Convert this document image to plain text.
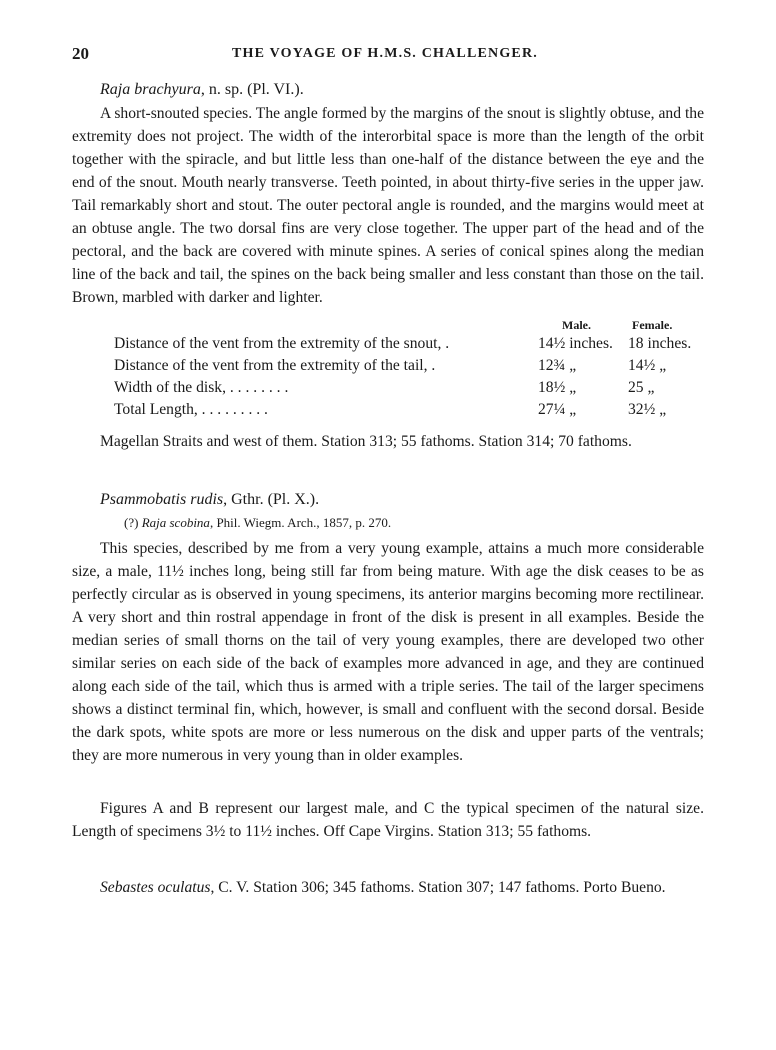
20	THE VOYAGE OF H.M.S. CHALLENGER.
Raja brachyura, n. sp. (Pl. VI.).
A short-snouted species. The angle formed by the margins of the snout is slightly obtuse, and the extremity does not project. The width of the interorbital space is more than the length of the orbit together with the spiracle, and but little less than one-half of the distance between the eye and the end of the snout. Mouth nearly transverse. Teeth pointed, in about thirty-five series in the upper jaw. Tail remarkably short and stout. The outer pectoral angle is rounded, and the margins would meet at an obtuse angle. The two dorsal fins are very close together. The upper part of the head and of the pectoral, and the back are covered with minute spines. A series of conical spines along the median line of the back and tail, the spines on the back being smaller and less constant than those on the tail. Brown, marbled with darker and lighter.
Male.	Female.
Distance of the vent from the extremity of the snout, .	14½ inches. 18 inches.
Distance of the vent from the extremity of the tail, .	12¾ „	14½ „
Width of the disk, . . . . . . . .	18½ „	25 „
Total Length, . . . . . . . . .	27¼ „	32½ „
Magellan Straits and west of them. Station 313; 55 fathoms. Station 314; 70 fathoms.
Psammobatis rudis, Gthr. (Pl. X.).
(?) Raja scobina, Phil. Wiegm. Arch., 1857, p. 270.
This species, described by me from a very young example, attains a much more considerable size, a male, 11½ inches long, being still far from being mature. With age the disk ceases to be as perfectly circular as is observed in young specimens, its anterior margins becoming more rectilinear. A very short and thin rostral appendage in front of the disk is present in all examples. Beside the median series of small thorns on the tail of very young examples, there are developed two other similar series on each side of the back of examples more advanced in age, and they are continued along each side of the tail, which thus is armed with a triple series. The tail of the larger specimens shows a distinct terminal fin, which, however, is small and confluent with the second dorsal. Beside the dark spots, white spots are more or less numerous on the disk and upper parts of the ventrals; they are more numerous in very young than in older examples.
Figures A and B represent our largest male, and C the typical specimen of the natural size. Length of specimens 3½ to 11½ inches. Off Cape Virgins. Station 313; 55 fathoms.
Sebastes oculatus, C. V. Station 306; 345 fathoms. Station 307; 147 fathoms. Porto Bueno.
